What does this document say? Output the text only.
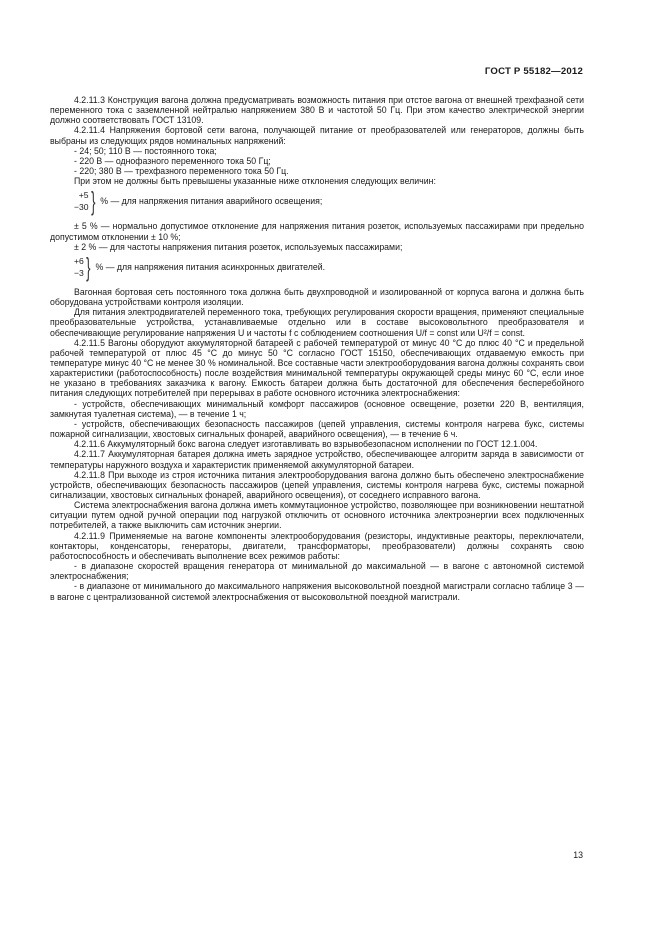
ГОСТ Р 55182—2012

4.2.11.3 Конструкция вагона должна предусматривать возможность питания при отстое вагона от внешней трехфазной сети переменного тока с заземленной нейтралью напряжением 380 В и частотой 50 Гц. При этом качество электрической энергии должно соответствовать ГОСТ 13109.

4.2.11.4 Напряжения бортовой сети вагона, получающей питание от преобразователей или генераторов, должны быть выбраны из следующих рядов номинальных напряжений:

- 24; 50; 110 В — постоянного тока;

- 220 В — однофазного переменного тока 50 Гц;

- 220; 380 В — трехфазного переменного тока 50 Гц.

При этом не должны быть превышены указанные ниже отклонения следующих величин:

+5
−30 } % — для напряжения питания аварийного освещения;

± 5 % — нормально допустимое отклонение для напряжения питания розеток, используемых пассажирами при предельно допустимом отклонении ± 10 %;

± 2 % — для частоты напряжения питания розеток, используемых пассажирами;

+6
−3 } % — для напряжения питания асинхронных двигателей.

Вагонная бортовая сеть постоянного тока должна быть двухпроводной и изолированной от корпуса вагона и должна быть оборудована устройствами контроля изоляции.

Для питания электродвигателей переменного тока, требующих регулирования скорости вращения, применяют специальные преобразовательные устройства, устанавливаемые отдельно или в составе высоковольтного преобразователя и обеспечивающие регулирование напряжения U и частоты f с соблюдением соотношения U/f = const или U²/f = const.

4.2.11.5 Вагоны оборудуют аккумуляторной батареей с рабочей температурой от минус 40 °С до плюс 40 °С и предельной рабочей температурой от плюс 45 °С до минус 50 °С согласно ГОСТ 15150, обеспечивающих отдаваемую емкость при температуре минус 40 °С не менее 30 % номинальной. Все составные части электрооборудования вагона должны сохранять свои характеристики (работоспособность) после воздействия минимальной температуры окружающей среды минус 60 °С, если иное не указано в требованиях заказчика к вагону. Емкость батареи должна быть достаточной для обеспечения бесперебойного питания следующих потребителей при перерывах в работе основного источника электроснабжения:

- устройств, обеспечивающих минимальный комфорт пассажиров (основное освещение, розетки 220 В, вентиляция, замкнутая туалетная система), — в течение 1 ч;

- устройств, обеспечивающих безопасность пассажиров (цепей управления, системы контроля нагрева букс, системы пожарной сигнализации, хвостовых сигнальных фонарей, аварийного освещения), — в течение 6 ч.

4.2.11.6 Аккумуляторный бокс вагона следует изготавливать во взрывобезопасном исполнении по ГОСТ 12.1.004.

4.2.11.7 Аккумуляторная батарея должна иметь зарядное устройство, обеспечивающее алгоритм заряда в зависимости от температуры наружного воздуха и характеристик применяемой аккумуляторной батареи.

4.2.11.8 При выходе из строя источника питания электрооборудования вагона должно быть обеспечено электроснабжение устройств, обеспечивающих безопасность пассажиров (цепей управления, системы контроля нагрева букс, системы пожарной сигнализации, хвостовых сигнальных фонарей, аварийного освещения), от соседнего исправного вагона.

Система электроснабжения вагона должна иметь коммутационное устройство, позволяющее при возникновении нештатной ситуации путем одной ручной операции под нагрузкой отключить от основного источника электроэнергии всех подключенных потребителей, а также выключить сам источник энергии.

4.2.11.9 Применяемые на вагоне компоненты электрооборудования (резисторы, индуктивные реакторы, переключатели, контакторы, конденсаторы, генераторы, двигатели, трансформаторы, преобразователи) должны сохранять свою работоспособность и обеспечивать выполнение всех режимов работы:

- в диапазоне скоростей вращения генератора от минимальной до максимальной — в вагоне с автономной системой электроснабжения;

- в диапазоне от минимального до максимального напряжения высоковольтной поездной магистрали согласно таблице 3 — в вагоне с централизованной системой электроснабжения от высоковольтной поездной магистрали.

13
